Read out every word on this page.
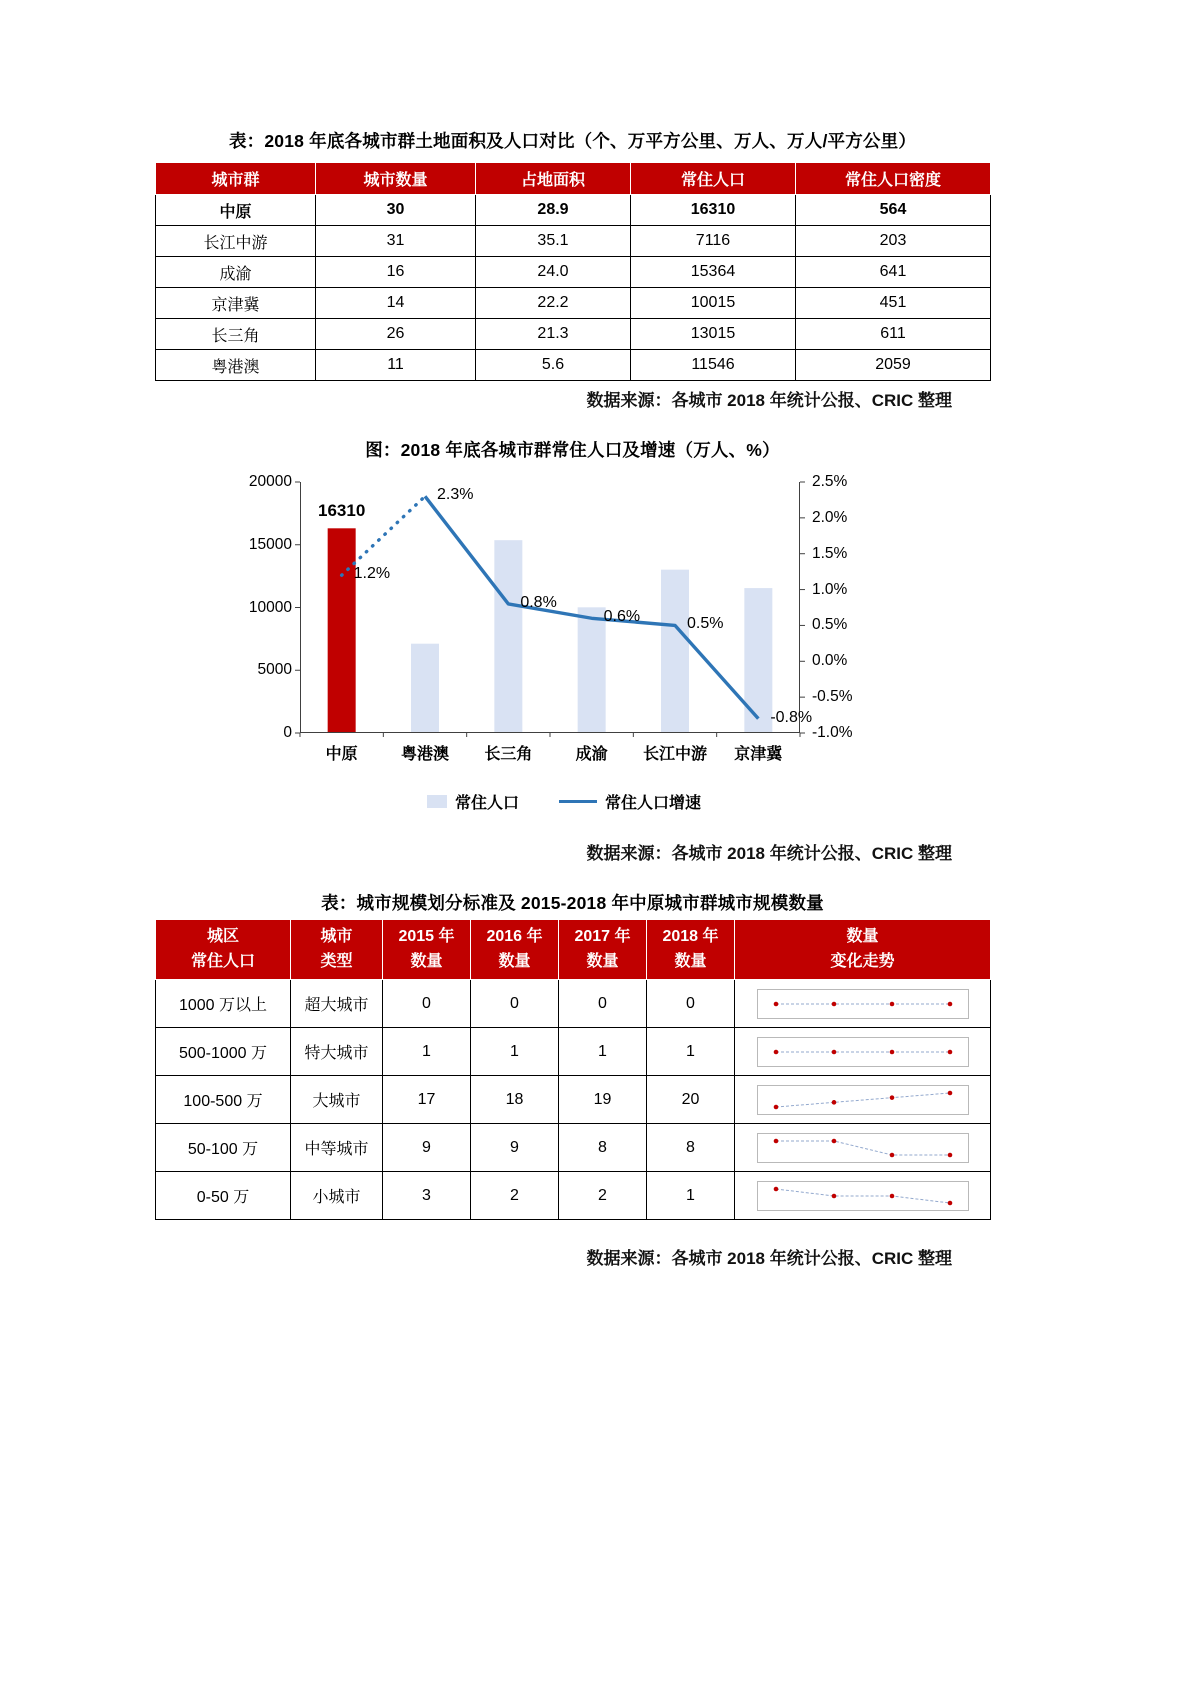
表：2018 年底各城市群土地面积及人口对比（个、万平方公里、万人、万人/平方公里）
城市群	城市数量	占地面积	常住人口	常住人口密度
中原	30	28.9	16310	564
长江中游	31	35.1	7116	203
成渝	16	24.0	15364	641
京津冀	14	22.2	10015	451
长三角	26	21.3	13015	611
粤港澳	11	5.6	11546	2059
数据来源：各城市 2018 年统计公报、CRIC 整理
图：2018 年底各城市群常住人口及增速（万人、%）
20000
15000
10000
5000
0
16310
1.2%
2.3%
0.8%
0.6%	0.5%
-0.8%
2.5%
2.0%
1.5%
1.0%
0.5%
0.0%
-0.5%
-1.0%
中原	粤港澳	长三角	成渝	长江中游	京津冀
常住人口	常住人口增速
数据来源：各城市 2018 年统计公报、CRIC 整理
表：城市规模划分标准及 2015-2018 年中原城市群城市规模数量
城区
常住人口

城市
类型

2015 年
数量

2016 年
数量

2017 年
数量

2018 年
数量

数量
变化走势

1000 万以上	超大城市	0	0	0	0	

500-1000 万	特大城市	1	1	1	1	

100-500 万	大城市	17	18	19	20	

50-100 万	中等城市	9	9	8	8	

0-50 万	小城市	3	2	2	1	
数据来源：各城市 2018 年统计公报、CRIC 整理
